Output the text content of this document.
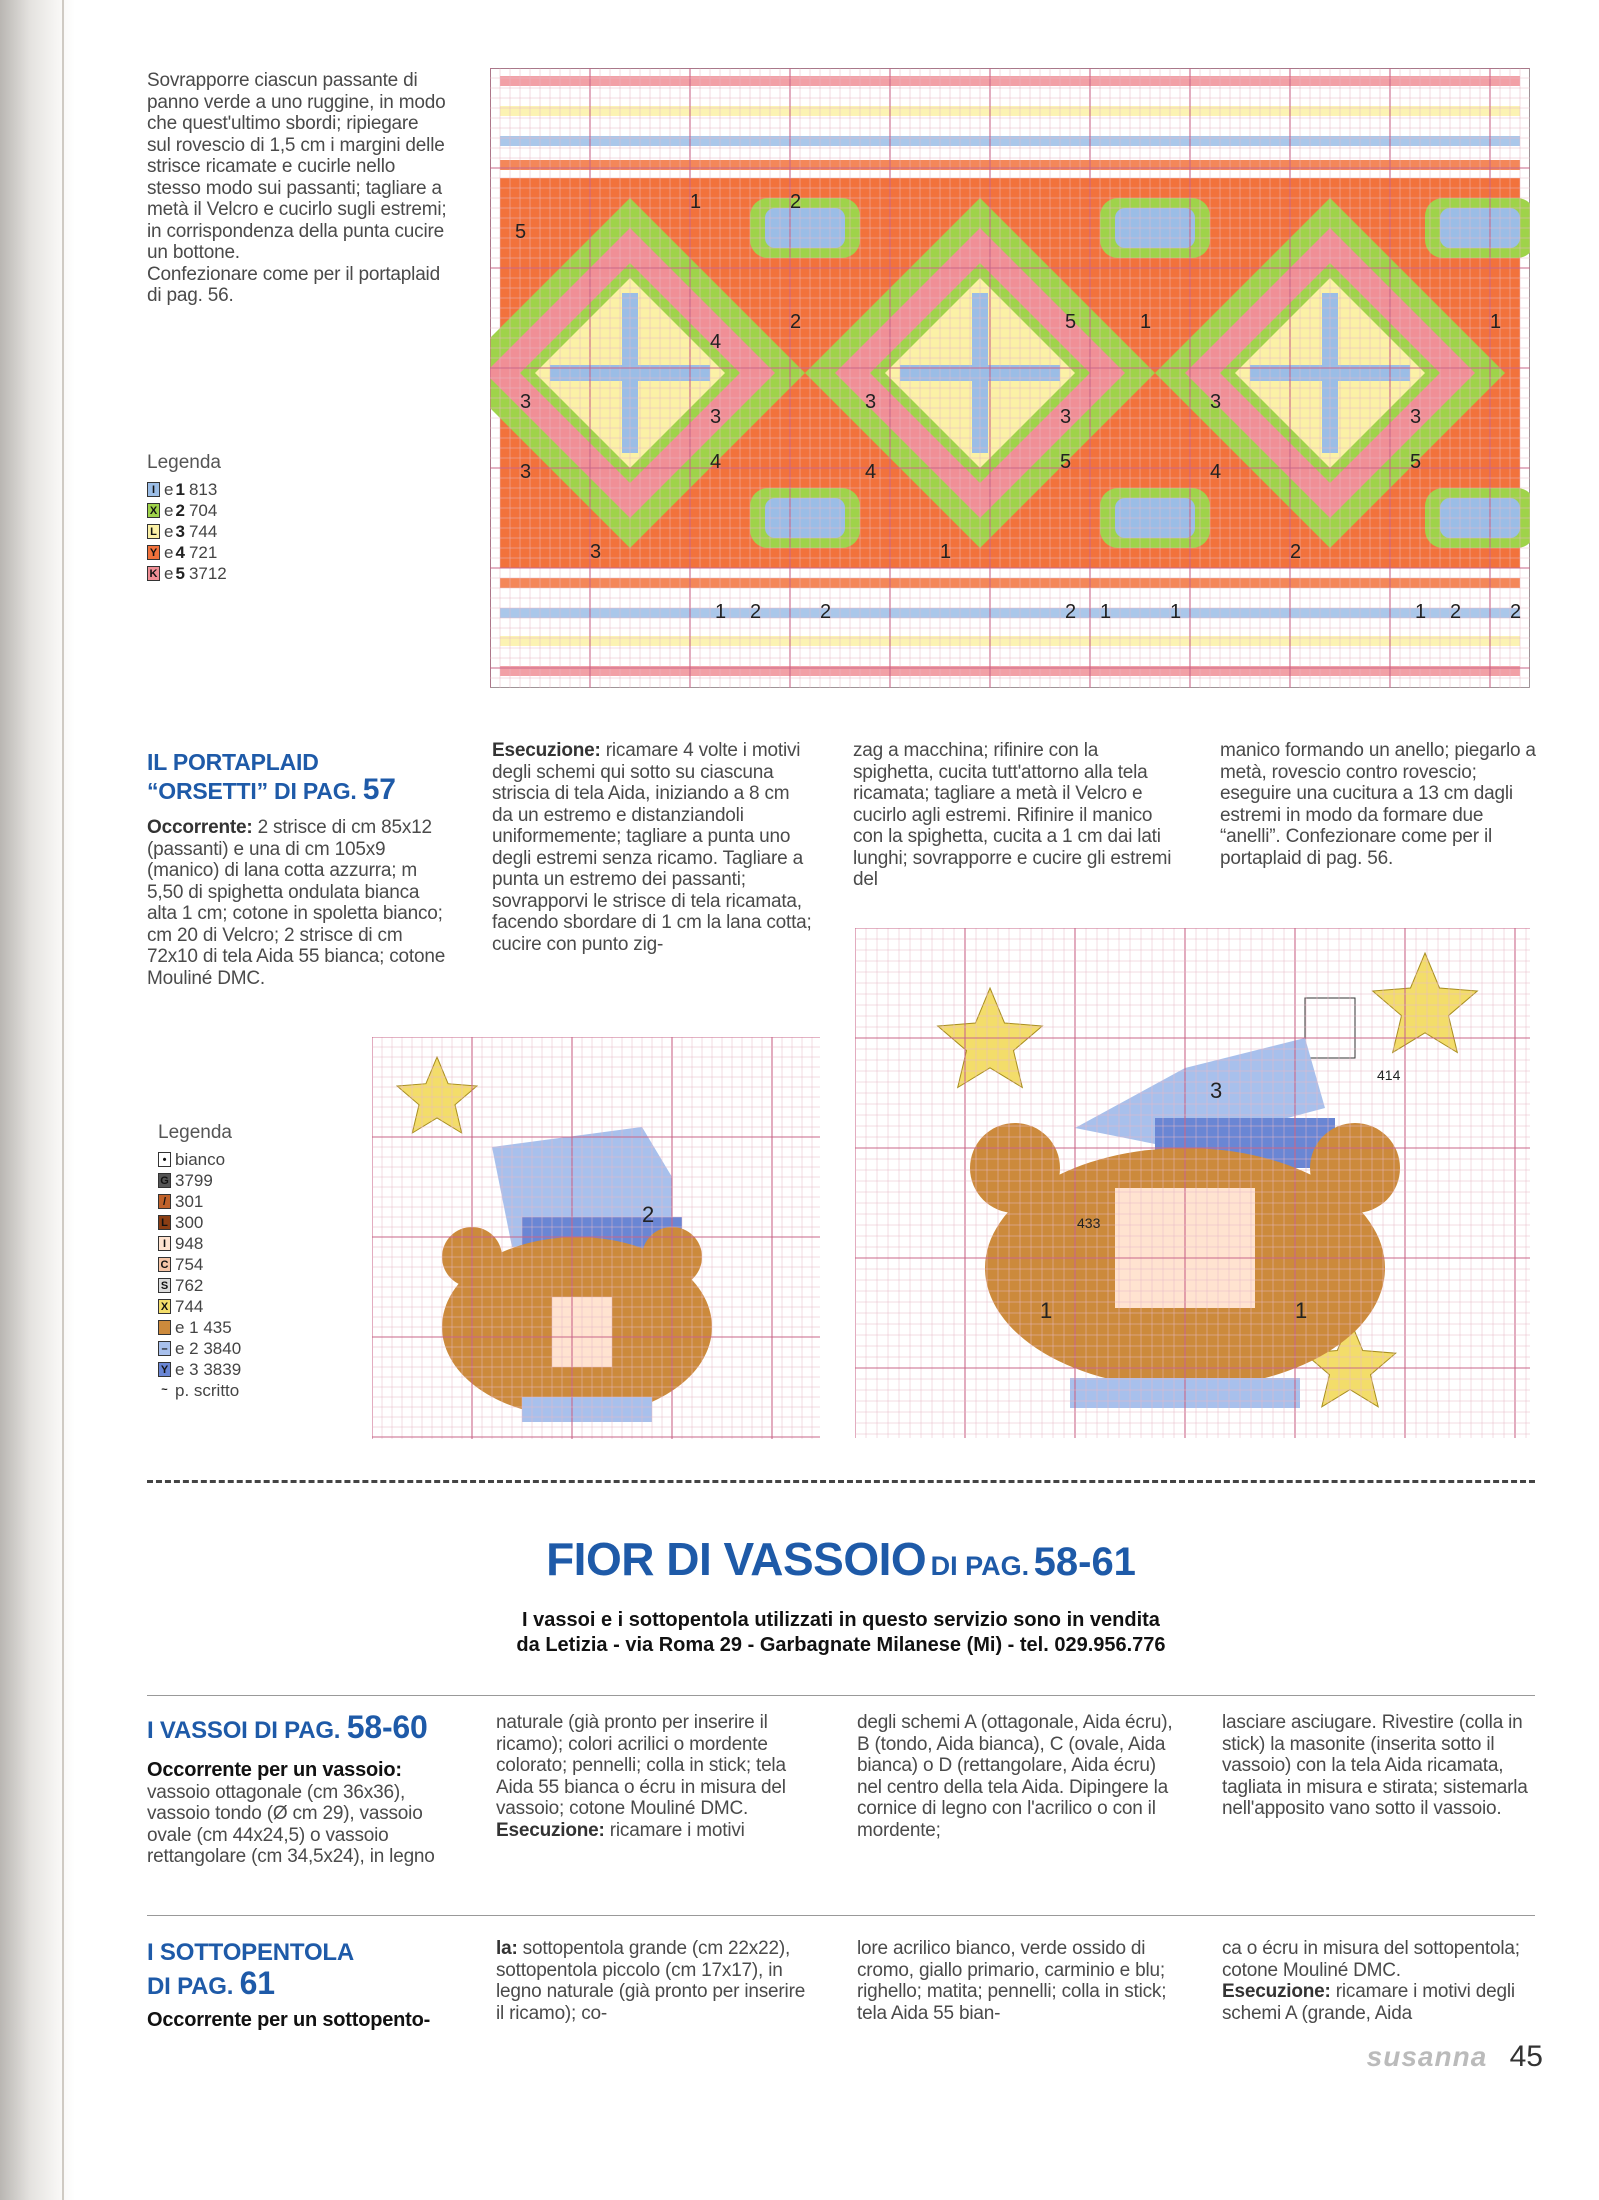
Sovrapporre ciascun passante di panno verde a uno ruggine, in modo che quest'ultimo sbordi; ripiegare sul rovescio di 1,5 cm i margini delle strisce ricamate e cucirle nello stesso modo sui passanti; tagliare a metà il Velcro e cucirlo sugli estremi; in corrispondenza della punta cucire un bottone.

Confezionare come per il portaplaid di pag. 56.

Legenda
I e 1 813
X e 2 704
L e 3 744
Y e 4 721
K e 5 3712
1	2
5
4
5
3	3	3
3	4	4
4	5	5
3	3	3
3	1	2
1	2	1
2	1	2
2	1	1
2	1	2
IL PORTAPLAID
“ORSETTI” DI PAG. 57

Occorrente: 2 strisce di cm 85x12 (passanti) e una di cm 105x9 (manico) di lana cotta azzurra; m 5,50 di spighetta ondulata bianca alta 1 cm; cotone in spoletta bianco; cm 20 di Velcro; 2 strisce di cm 72x10 di tela Aida 55 bianca; cotone Mouliné DMC.

Esecuzione: ricamare 4 volte i motivi degli schemi qui sotto su ciascuna striscia di tela Aida, iniziando a 8 cm da un estremo e distanziandoli uniformemente; tagliare a punta uno degli estremi senza ricamo. Tagliare a punta un estremo dei passanti; sovrapporvi le strisce di tela ricamata, facendo sbordare di 1 cm la lana cotta; cucire con punto zig-

zag a macchina; rifinire con la spighetta, cucita tutt'attorno alla tela ricamata; tagliare a metà il Velcro e cucirlo agli estremi. Rifinire il manico con la spighetta, cucita a 1 cm dai lati lunghi; sovrapporre e cucire gli estremi del

manico formando un anello; piegarlo a metà, rovescio contro rovescio; eseguire una cucitura a 13 cm dagli estremi in modo da formare due “anelli”. Confezionare come per il portaplaid di pag. 56.

Legenda
• bianco
G 3799
/ 301
L 300
I 948
C 754
S 762
X 744
e 1 435
– e 2 3840
Y e 3 3839
~ p. scritto
2
3
1	1
433
414
FIOR DI VASSOIO DI PAG. 58-61
I vassoi e i sottopentola utilizzati in questo servizio sono in vendita
da Letizia - via Roma 29 - Garbagnate Milanese (Mi) - tel. 029.956.776
I VASSOI DI PAG. 58-60
Occorrente per un vassoio:

vassoio ottagonale (cm 36x36), vassoio tondo (Ø cm 29), vassoio ovale (cm 44x24,5) o vassoio rettangolare (cm 34,5x24), in legno

naturale (già pronto per inserire il ricamo); colori acrilici o mordente colorato; pennelli; colla in stick; tela Aida 55 bianca o écru in misura del vassoio; cotone Mouliné DMC.

Esecuzione: ricamare i motivi

degli schemi A (ottagonale, Aida écru), B (tondo, Aida bianca), C (ovale, Aida bianca) o D (rettangolare, Aida écru) nel centro della tela Aida. Dipingere la cornice di legno con l'acrilico o con il mordente;

lasciare asciugare. Rivestire (colla in stick) la masonite (inserita sotto il vassoio) con la tela Aida ricamata, tagliata in misura e stirata; sistemarla nell'apposito vano sotto il vassoio.

I SOTTOPENTOLA
DI PAG. 61
Occorrente per un sottopento-

la: sottopentola grande (cm 22x22), sottopentola piccolo (cm 17x17), in legno naturale (già pronto per inserire il ricamo); co-

lore acrilico bianco, verde ossido di cromo, giallo primario, carminio e blu; righello; matita; pennelli; colla in stick; tela Aida 55 bian-

ca o écru in misura del sottopentola; cotone Mouliné DMC.

Esecuzione: ricamare i motivi degli schemi A (grande, Aida

susanna 45
